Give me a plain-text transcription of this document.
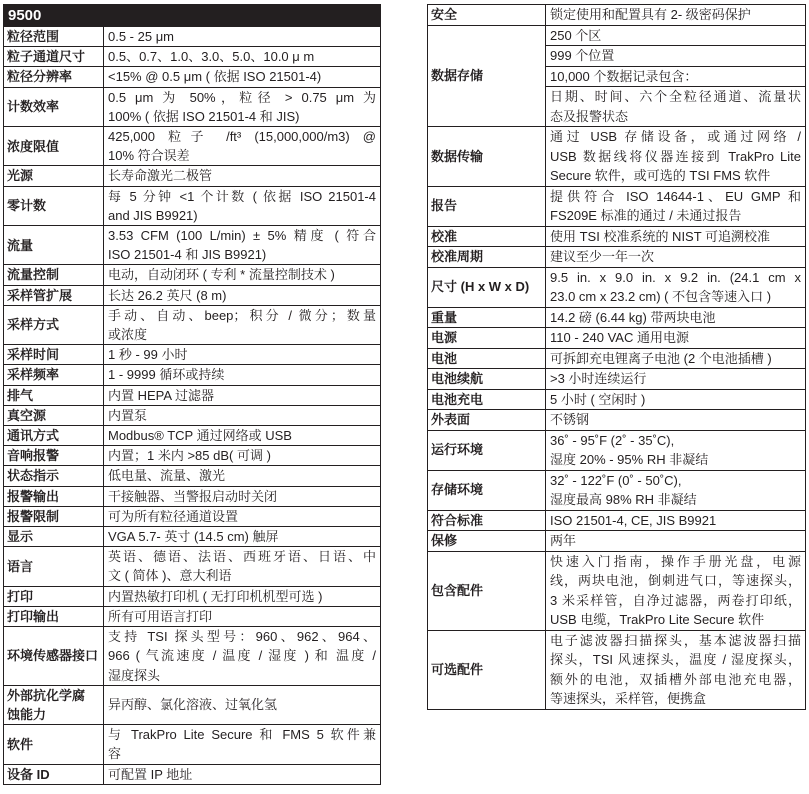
9500	

粒径范围	0.5 - 25 μm

粒子通道尺寸	0.5、0.7、1.0、3.0、5.0、10.0 μ m

粒径分辨率	<15% @ 0.5 μm ( 依据 ISO 21501-4)

计数效率	0.5 μm 为 50%，粒径 > 0.75 μm 为
100% ( 依据 ISO 21501-4 和 JIS)

浓度限值	425,000 粒子 /ft³ (15,000,000/m3) @
10% 符合误差

光源	长寿命激光二极管

零计数	每 5 分钟 <1 个计数 ( 依据 ISO 21501-4
and JIS B9921)

流量	3.53 CFM (100 L/min) ± 5% 精度 ( 符合
ISO 21501-4 和 JIS B9921)

流量控制	电动，自动闭环 ( 专利 * 流量控制技术 )

采样管扩展	长达 26.2 英尺 (8 m)

采样方式	手动、自动、beep；积分 / 微分；数量
或浓度

采样时间	1 秒 - 99 小时

采样频率	1 - 9999 循环或持续

排气	内置 HEPA 过滤器

真空源	内置泵

通讯方式	Modbus® TCP 通过网络或 USB

音响报警	内置；1 米内 >85 dB( 可调 )

状态指示	低电量、流量、激光

报警输出	干接触器、当警报启动时关闭

报警限制	可为所有粒径通道设置

显示	VGA 5.7- 英寸 (14.5 cm) 触屏

语言	英语、德语、法语、西班牙语、日语、中
文 ( 简体 )、意大利语

打印	内置热敏打印机 ( 无打印机机型可选 )

打印输出	所有可用语言打印

环境传感器接口	支持 TSI 探头型号：960、962、964、
966 ( 气流速度 / 温度 / 湿度 ) 和 温度 /
湿度探头

外部抗化学腐
蚀能力	异丙醇、氯化溶液、过氧化氢

软件	与 TrakPro Lite Secure 和 FMS 5 软件兼
容

设备 ID	可配置 IP 地址
安全	锁定使用和配置具有 2- 级密码保护

数据存储	250 个区

	999 个位置

	10,000 个数据记录包含：

	日期、时间、六个全粒径通道、流量状
态及报警状态

数据传输	通过 USB 存储设备，或通过网络 /
USB 数据线将仪器连接到 TrakPro Lite
Secure 软件，或可选的 TSI FMS 软件

报告	提供符合 ISO 14644-1、EU GMP 和
FS209E 标准的通过 / 未通过报告

校准	使用 TSI 校准系统的 NIST 可追溯校准

校准周期	建议至少一年一次

尺寸 (H x W x D)	9.5 in. x 9.0 in. x 9.2 in. (24.1 cm x
23.0 cm x 23.2 cm) ( 不包含等速入口 )

重量	14.2 磅 (6.44 kg) 带两块电池

电源	110 - 240 VAC 通用电源

电池	可拆卸充电锂离子电池 (2 个电池插槽 )

电池续航	>3 小时连续运行

电池充电	5 小时 ( 空闲时 )

外表面	不锈钢

运行环境	36˚ - 95˚F (2˚ - 35˚C),
湿度 20% - 95% RH 非凝结

存储环境	32˚ - 122˚F (0˚ - 50˚C),
湿度最高 98% RH 非凝结

符合标准	ISO 21501-4, CE, JIS B9921

保修	两年

包含配件	快速入门指南，操作手册光盘，电源
线，两块电池，倒刺进气口，等速探头，
3 米采样管，自净过滤器，两卷打印纸，
USB 电缆，TrakPro Lite Secure 软件

可选配件	电子滤波器扫描探头，基本滤波器扫描
探头，TSI 风速探头，温度 / 湿度探头，
额外的电池，双插槽外部电池充电器，
等速探头，采样管，便携盒
